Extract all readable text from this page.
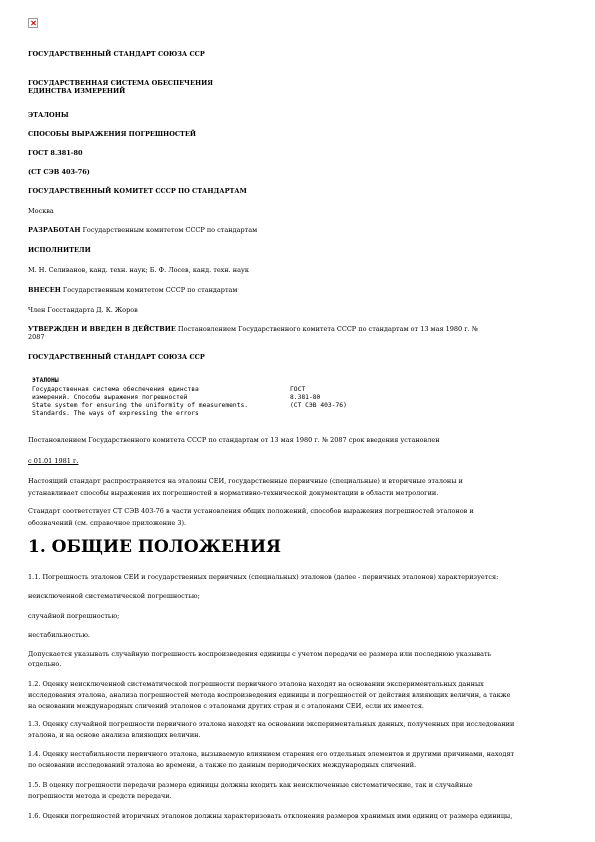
ГОСУДАРСТВЕННЫЙ СТАНДАРТ СОЮЗА ССР
ГОСУДАРСТВЕННАЯ СИСТЕМА ОБЕСПЕЧЕНИЯ
ЕДИНСТВА ИЗМЕРЕНИЙ
ЭТАЛОНЫ
СПОСОБЫ ВЫРАЖЕНИЯ ПОГРЕШНОСТЕЙ
ГОСТ 8.381-80
(СТ СЭВ 403-76)
ГОСУДАРСТВЕННЫЙ КОМИТЕТ СССР ПО СТАНДАРТАМ
Москва
РАЗРАБОТАН Государственным комитетом СССР по стандартам
ИСПОЛНИТЕЛИ
М. Н. Селиванов, канд. техн. наук; Б. Ф. Лосев, канд. техн. наук
ВНЕСЕН Государственным комитетом СССР по стандартам
Член Госстандарта Д. К. Жоров
УТВЕРЖДЕН И ВВЕДЕН В ДЕЙСТВИЕ Постановлением Государственного комитета СССР по стандартам от 13 мая 1980 г. №
2087
ГОСУДАРСТВЕННЫЙ СТАНДАРТ СОЮЗА ССР
ЭТАЛОНЫ
Государственная система обеспечения единства	ГОСТ
измерений. Способы выражения погрешностей	8.381-80
State system for ensuring the uniformity of measurements.	(СТ СЭВ 403-76)
Standards. The ways of expressing the errors
Постановлением Государственного комитета СССР по стандартам от 13 мая 1980 г. № 2087 срок введения установлен
с 01.01 1981 г.
Настоящий стандарт распространяется на эталоны СЕИ, государственные первичные (специальные) и вторичные эталоны и
устанавливает способы выражения их погрешностей в нормативно-технической документации в области метрологии.
Стандарт соответствует СТ СЭВ 403-76 в части установления общих положений, способов выражения погрешностей эталонов и
обозначений (см. справочное приложение 3).
1. ОБЩИЕ ПОЛОЖЕНИЯ
1.1. Погрешность эталонов СЕИ и государственных первичных (специальных) эталонов (далее - первичных эталонов) характеризуется:
неисключенной систематической погрешностью;
случайной погрешностью;
нестабильностью.
Допускается указывать случайную погрешность воспроизведения единицы с учетом передачи ее размера или последнюю указывать
отдельно.
1.2. Оценку неисключенной систематической погрешности первичного эталона находят на основании экспериментальных данных
исследования эталона, анализа погрешностей метода воспроизведения единицы и погрешностей от действия влияющих величин, а также
на основании международных сличений эталонов с эталонами других стран и с эталонами СЕИ, если их имеется.
1.3. Оценку случайной погрешности первичного эталона находят на основании экспериментальных данных, полученных при исследовании
эталона, и на основе анализа влияющих величин.
1.4. Оценку нестабильности первичного эталона, вызываемую влиянием старения его отдельных элементов и другими причинами, находят
по основании исследований эталона во времени, а также по данным периодических международных сличений.
1.5. В оценку погрешности передачи размера единицы должны входить как неисключенные систематические, так и случайные
погрешности метода и средств передачи.
1.6. Оценки погрешностей вторичных эталонов должны характеризовать отклонения размеров хранимых ими единиц от размера единицы,
